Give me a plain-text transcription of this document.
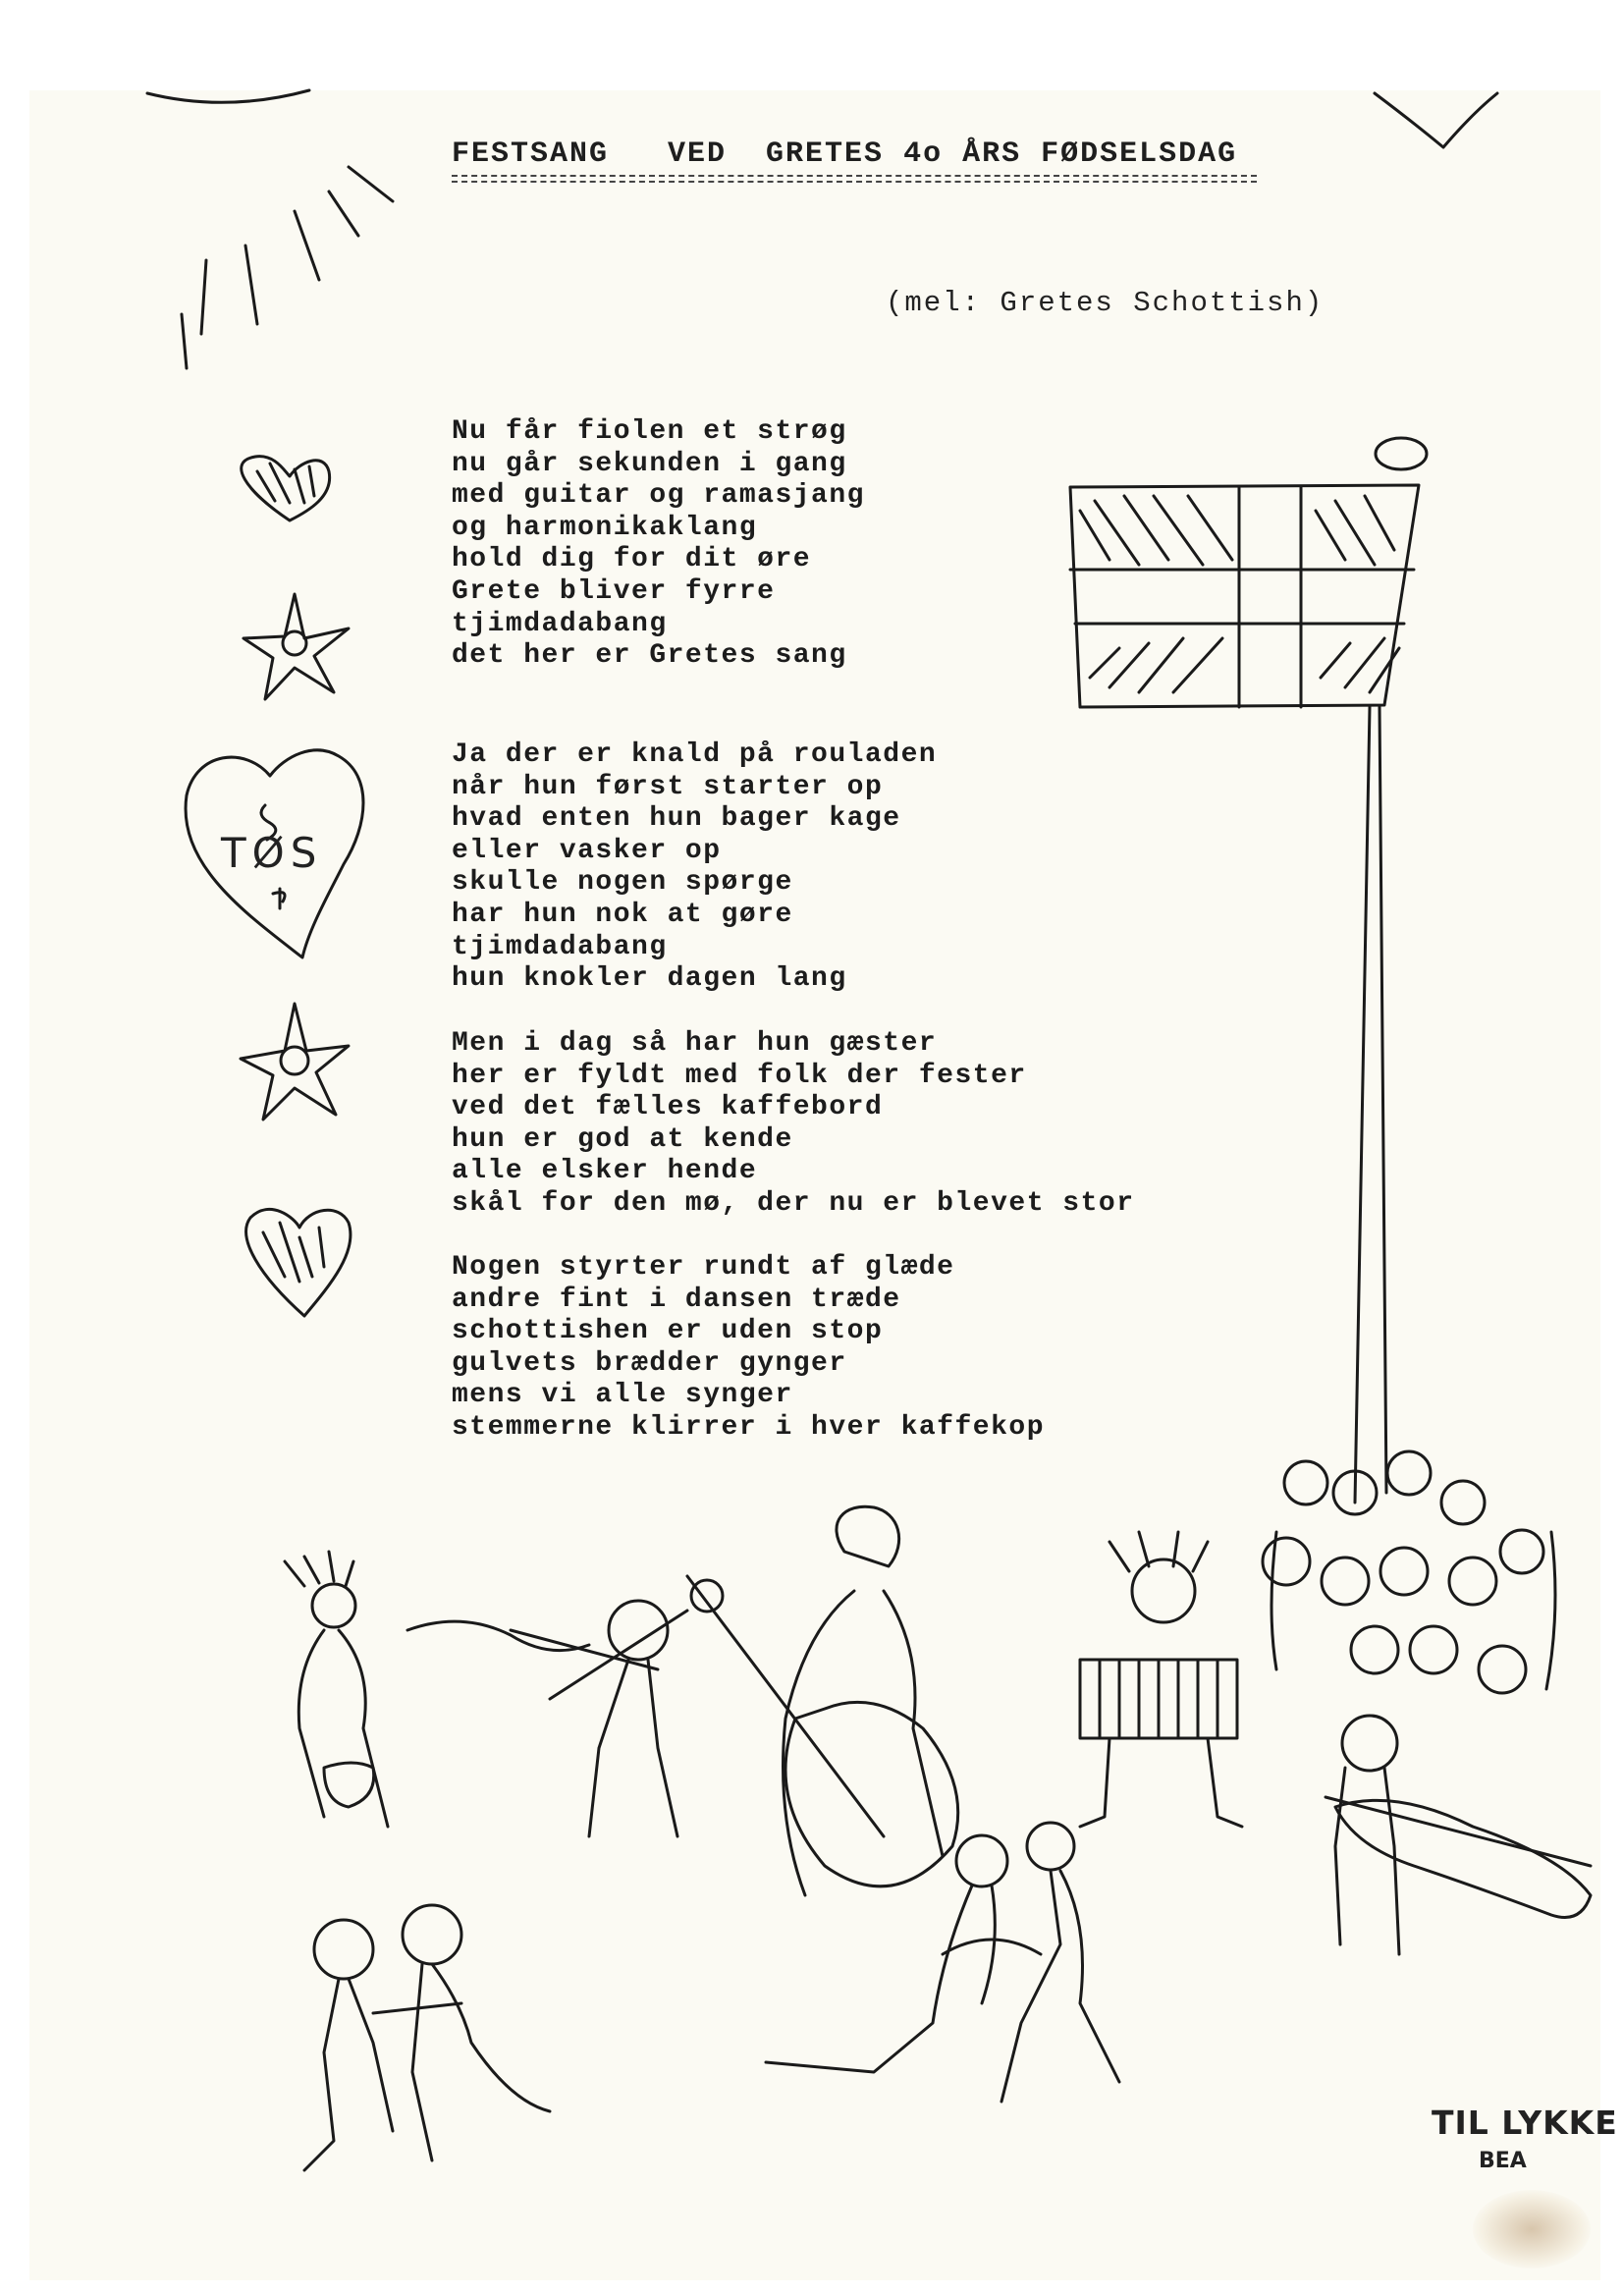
FESTSANG   VED  GRETES 4o ÅRS FØDSELSDAG
(mel: Gretes Schottish)
Nu får fiolen et strøg
nu går sekunden i gang
med guitar og ramasjang
og harmonikaklang
hold dig for dit øre
Grete bliver fyrre
tjimdadabang
det her er Gretes sang
Ja der er knald på rouladen
når hun først starter op
hvad enten hun bager kage
eller vasker op
skulle nogen spørge
har hun nok at gøre
tjimdadabang
hun knokler dagen lang
Men i dag så har hun gæster
her er fyldt med folk der fester
ved det fælles kaffebord
hun er god at kende
alle elsker hende
skål for den mø, der nu er blevet stor
Nogen styrter rundt af glæde
andre fint i dansen træde
schottishen er uden stop
gulvets brædder gynger
mens vi alle synger
stemmerne klirrer i hver kaffekop
TØS
TIL LYKKE
BEA
